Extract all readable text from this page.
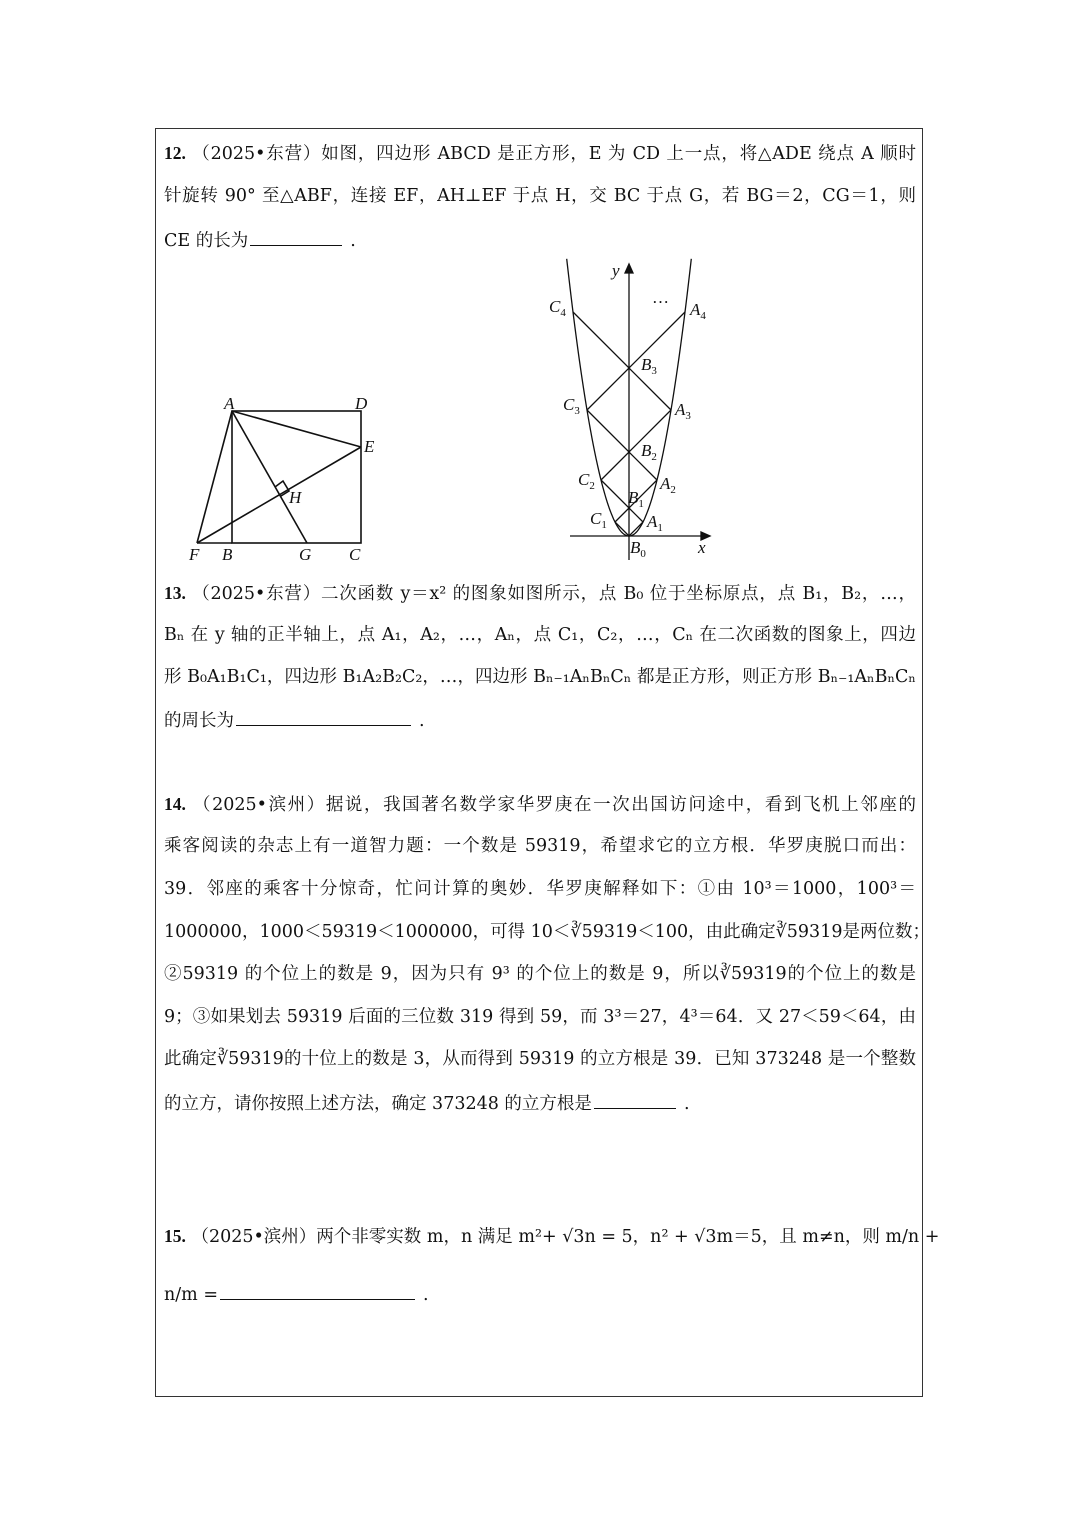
12. （2025•东营）如图，四边形 ABCD 是正方形，E 为 CD 上一点，将△ADE 绕点 A 顺时
针旋转 90° 至△ABF，连接 EF，AH⊥EF 于点 H，交 BC 于点 G，若 BG＝2，CG＝1，则
CE 的长为	.
A	D
E
H
F B	G C
y
x
…
$C_4$	$A_4$
$B_3$
$C_3$	$A_3$
$B_2$
$C_2$	$A_2$
$B_1$
$C_1$ $A_1$
$B_0$
13. （2025•东营）二次函数 y＝x² 的图象如图所示，点 B₀ 位于坐标原点，点 B₁，B₂，…，
Bₙ 在 y 轴的正半轴上，点 A₁，A₂，…，Aₙ，点 C₁，C₂，…，Cₙ 在二次函数的图象上，四边
形 B₀A₁B₁C₁，四边形 B₁A₂B₂C₂，…，四边形 Bₙ₋₁AₙBₙCₙ 都是正方形，则正方形 Bₙ₋₁AₙBₙCₙ
的周长为	.
14. （2025•滨州）据说，我国著名数学家华罗庚在一次出国访问途中，看到飞机上邻座的
乘客阅读的杂志上有一道智力题：一个数是 59319，希望求它的立方根．华罗庚脱口而出：
39．邻座的乘客十分惊奇，忙问计算的奥妙．华罗庚解释如下：①由 10³＝1000，100³＝
1000000，1000＜59319＜1000000，可得 10＜∛59319＜100，由此确定∛59319是两位数；
②59319 的个位上的数是 9，因为只有 9³ 的个位上的数是 9，所以∛59319的个位上的数是
9；③如果划去 59319 后面的三位数 319 得到 59，而 3³＝27，4³＝64．又 27＜59＜64，由
此确定∛59319的十位上的数是 3，从而得到 59319 的立方根是 39．已知 373248 是一个整数
的立方，请你按照上述方法，确定 373248 的立方根是	.
15. （2025•滨州）两个非零实数 m，n 满足 m²+ √3n = 5，n² + √3m＝5，且 m≠n，则 m/n +
n/m =	.
